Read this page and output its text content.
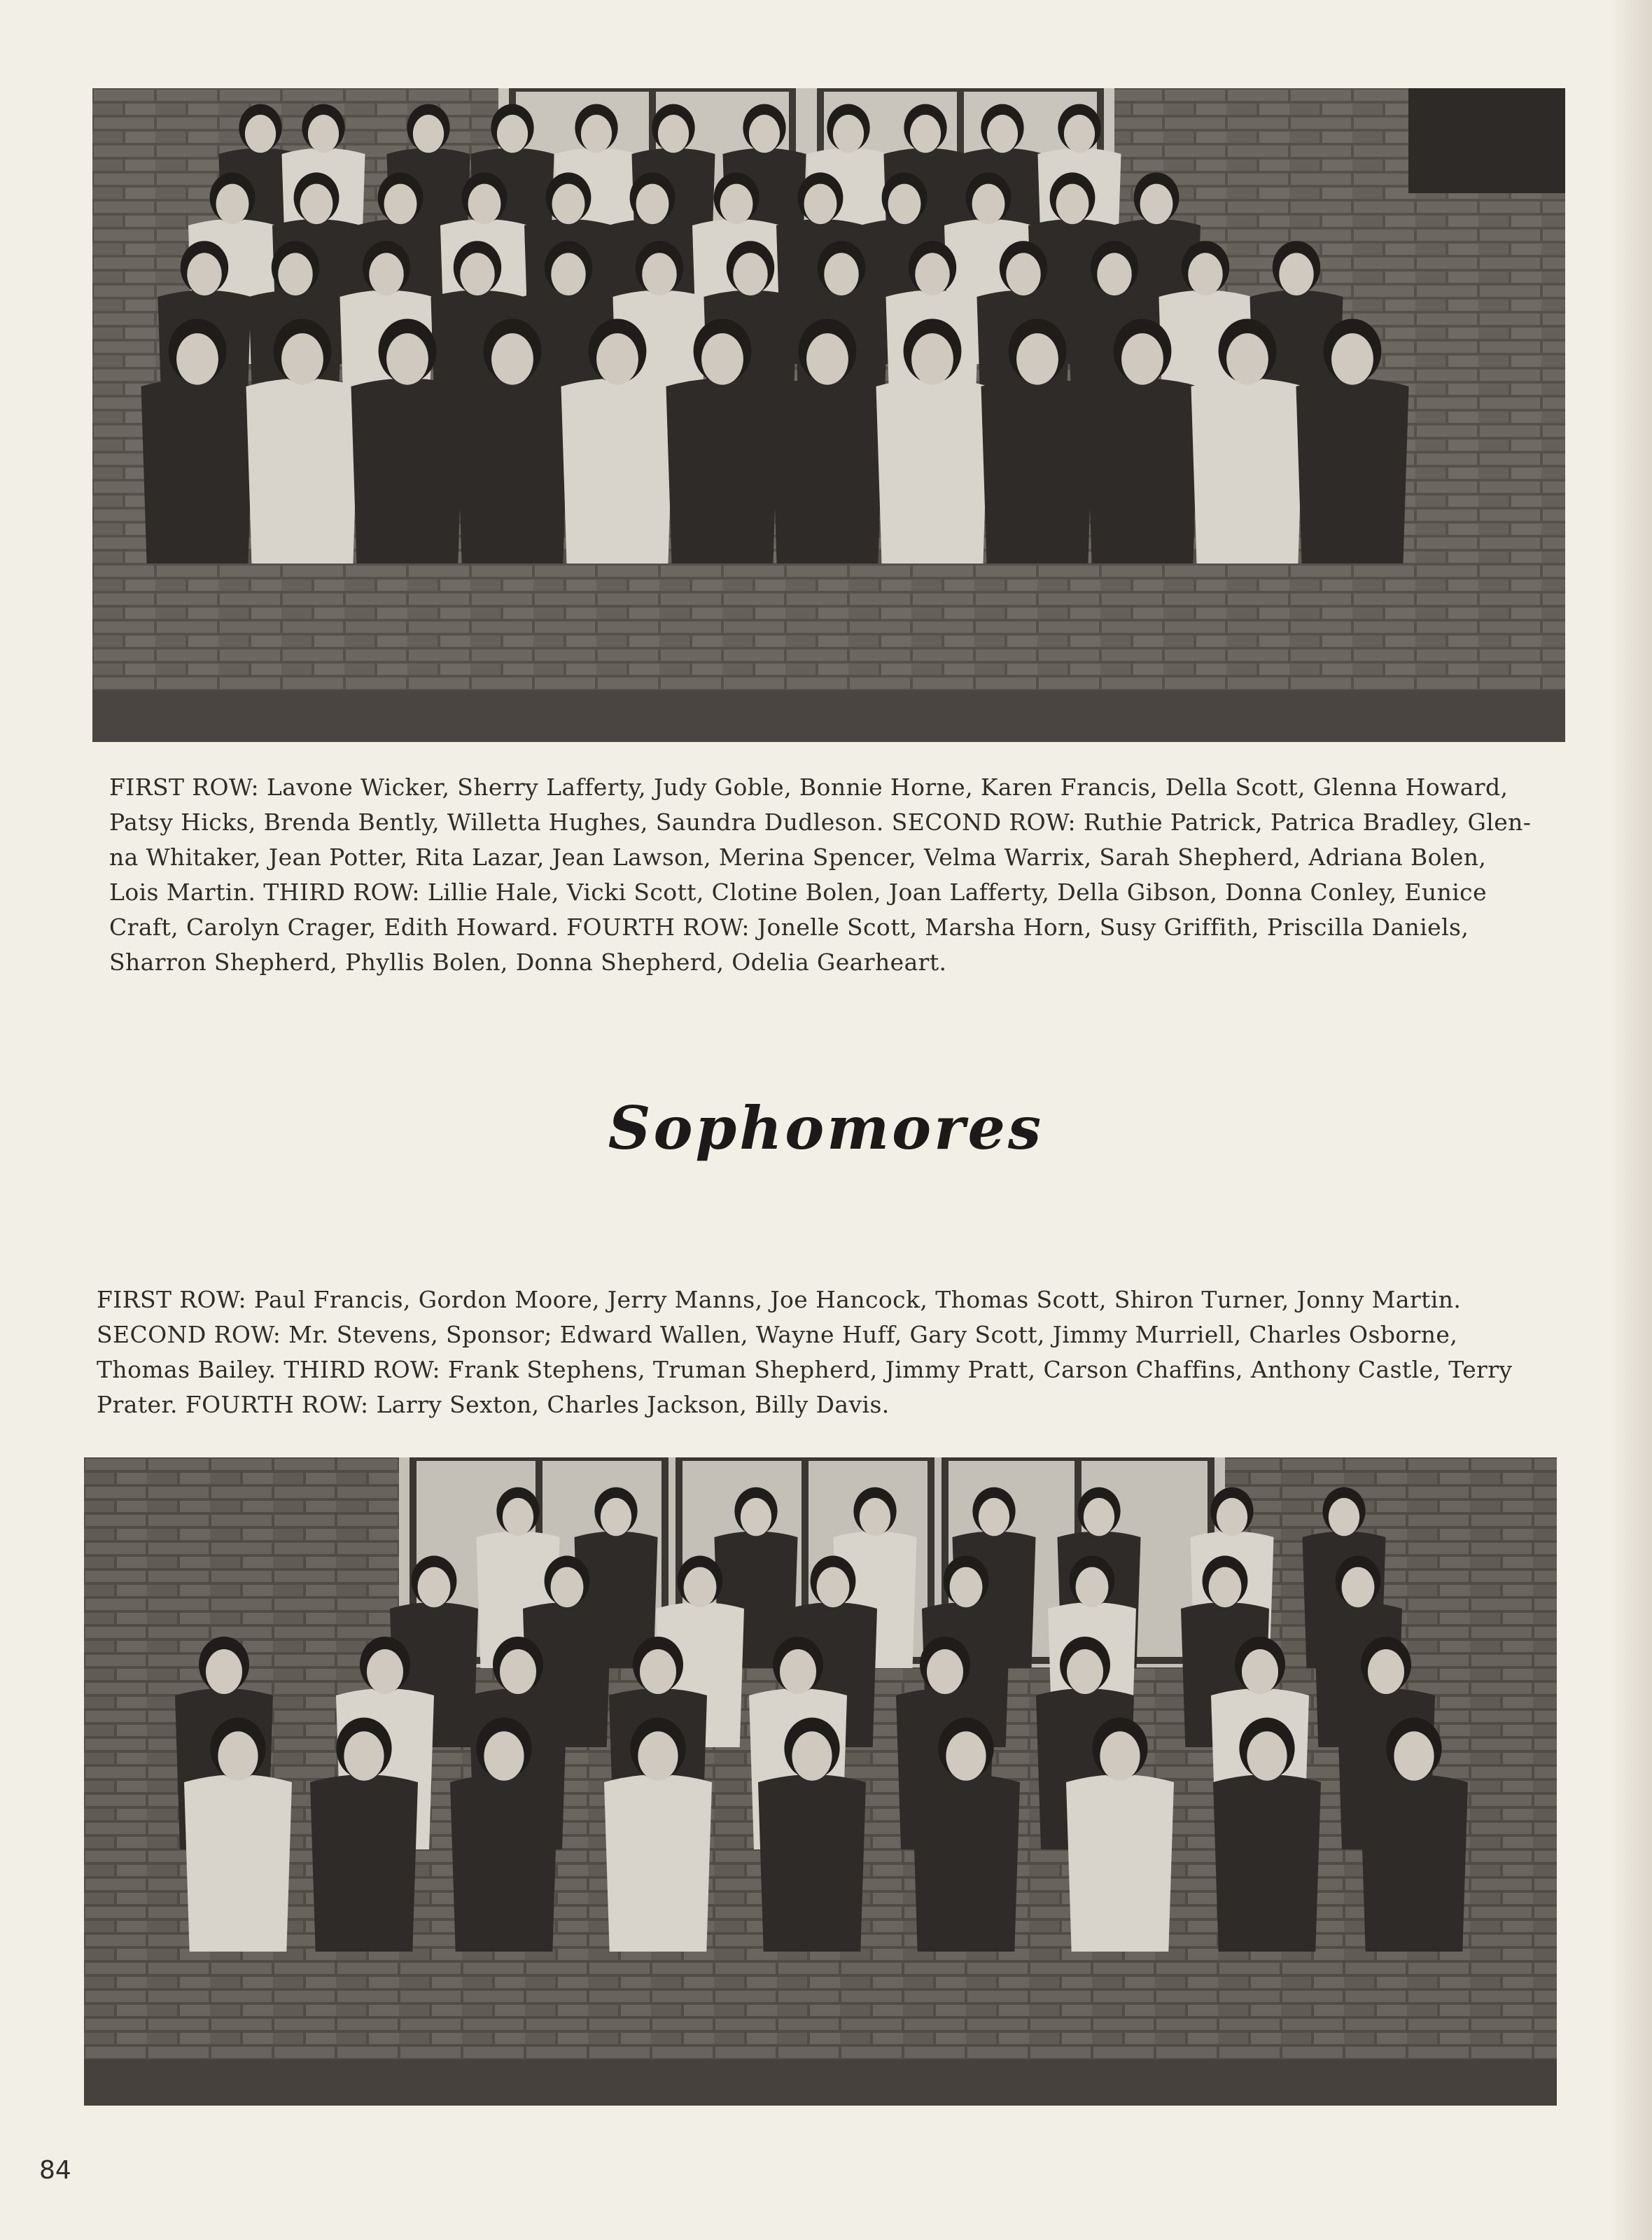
FIRST ROW: Lavone Wicker, Sherry Lafferty, Judy Goble, Bonnie Horne, Karen Francis, Della Scott, Glenna Howard,
Patsy Hicks, Brenda Bently, Willetta Hughes, Saundra Dudleson. SECOND ROW: Ruthie Patrick, Patrica Bradley, Glen-
na Whitaker, Jean Potter, Rita Lazar, Jean Lawson, Merina Spencer, Velma Warrix, Sarah Shepherd, Adriana Bolen,
Lois Martin. THIRD ROW: Lillie Hale, Vicki Scott, Clotine Bolen, Joan Lafferty, Della Gibson, Donna Conley, Eunice
Craft, Carolyn Crager, Edith Howard. FOURTH ROW: Jonelle Scott, Marsha Horn, Susy Griffith, Priscilla Daniels,
Sharron Shepherd, Phyllis Bolen, Donna Shepherd, Odelia Gearheart.
Sophomores
FIRST ROW: Paul Francis, Gordon Moore, Jerry Manns, Joe Hancock, Thomas Scott, Shiron Turner, Jonny Martin.
SECOND ROW: Mr. Stevens, Sponsor; Edward Wallen, Wayne Huff, Gary Scott, Jimmy Murriell, Charles Osborne,
Thomas Bailey. THIRD ROW: Frank Stephens, Truman Shepherd, Jimmy Pratt, Carson Chaffins, Anthony Castle, Terry
Prater. FOURTH ROW: Larry Sexton, Charles Jackson, Billy Davis.
84
